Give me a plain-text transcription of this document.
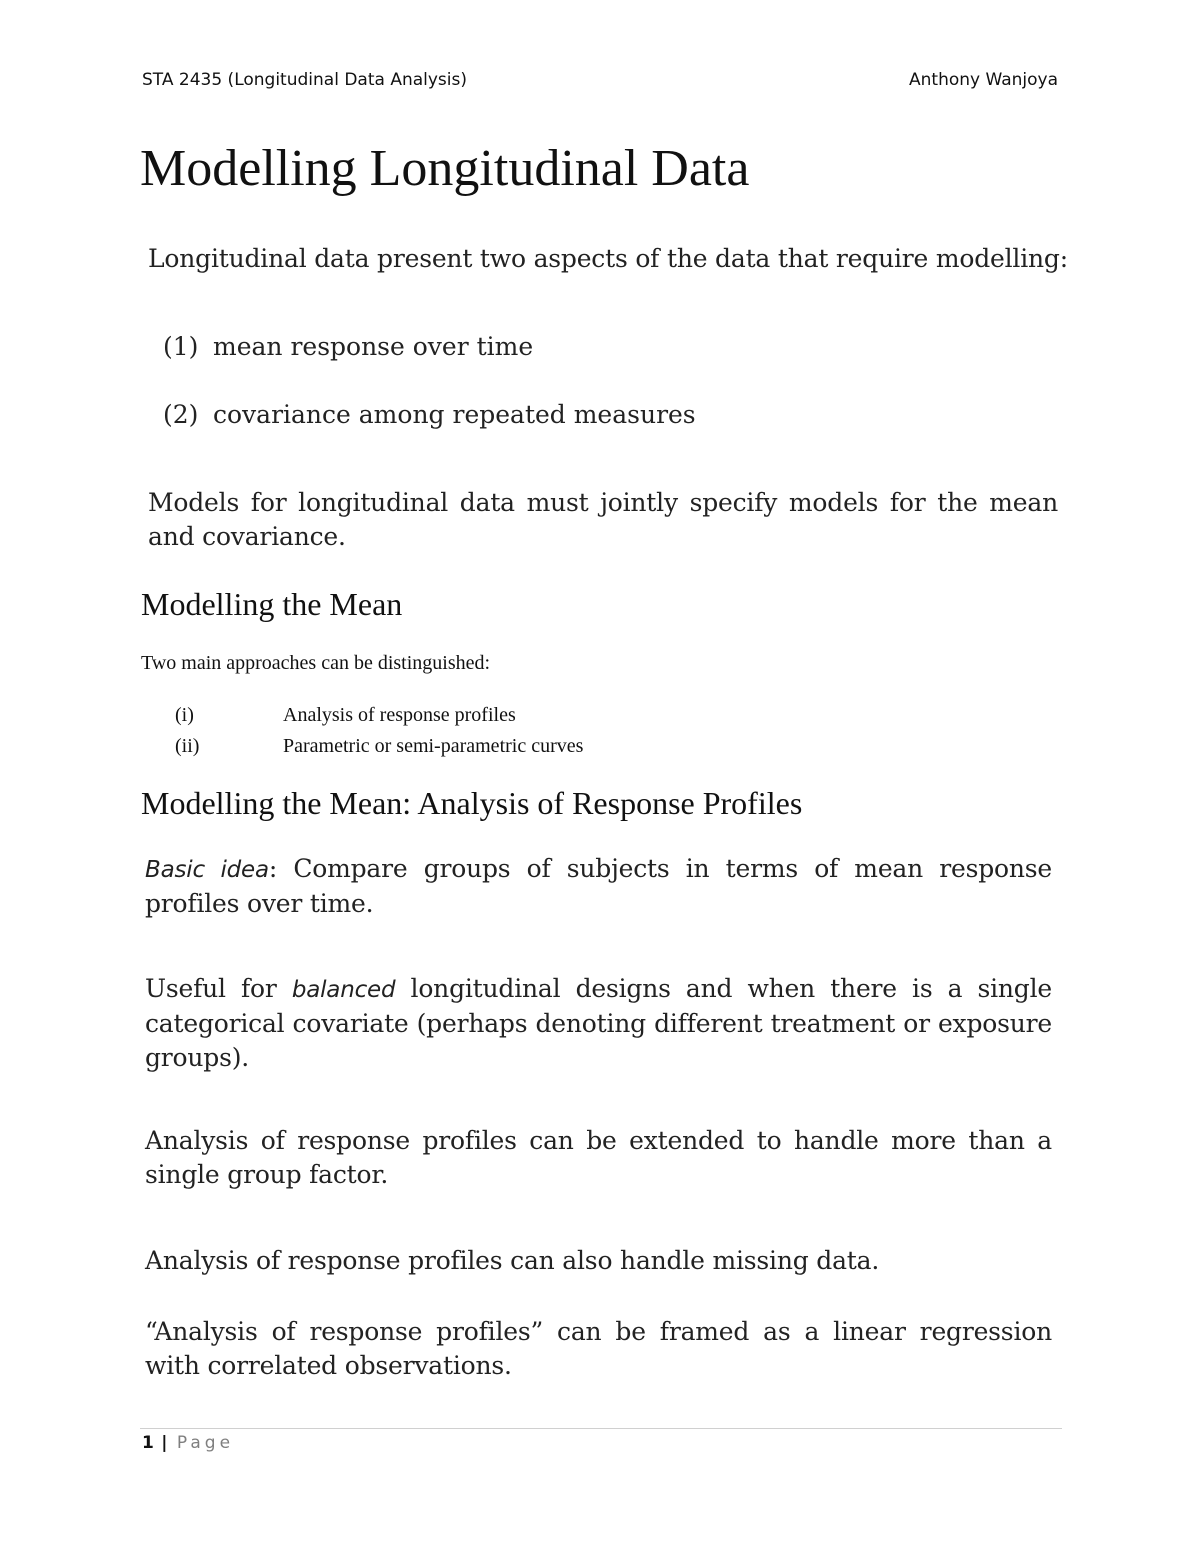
STA 2435 (Longitudinal Data Analysis)	Anthony Wanjoya
Modelling Longitudinal Data

Longitudinal data present two aspects of the data that require modelling:

(1) mean response over time

(2) covariance among repeated measures

Models for longitudinal data must jointly specify models for the mean and covariance.

Modelling the Mean

Two main approaches can be distinguished:

(i)	Analysis of response profiles
(ii)	Parametric or semi-parametric curves
Modelling the Mean: Analysis of Response Profiles

Basic idea: Compare groups of subjects in terms of mean response profiles over time.

Useful for balanced longitudinal designs and when there is a single categorical covariate (perhaps denoting different treatment or exposure groups).

Analysis of response profiles can be extended to handle more than a single group factor.

Analysis of response profiles can also handle missing data.

“Analysis of response profiles” can be framed as a linear regression with correlated observations.

1 | Page
